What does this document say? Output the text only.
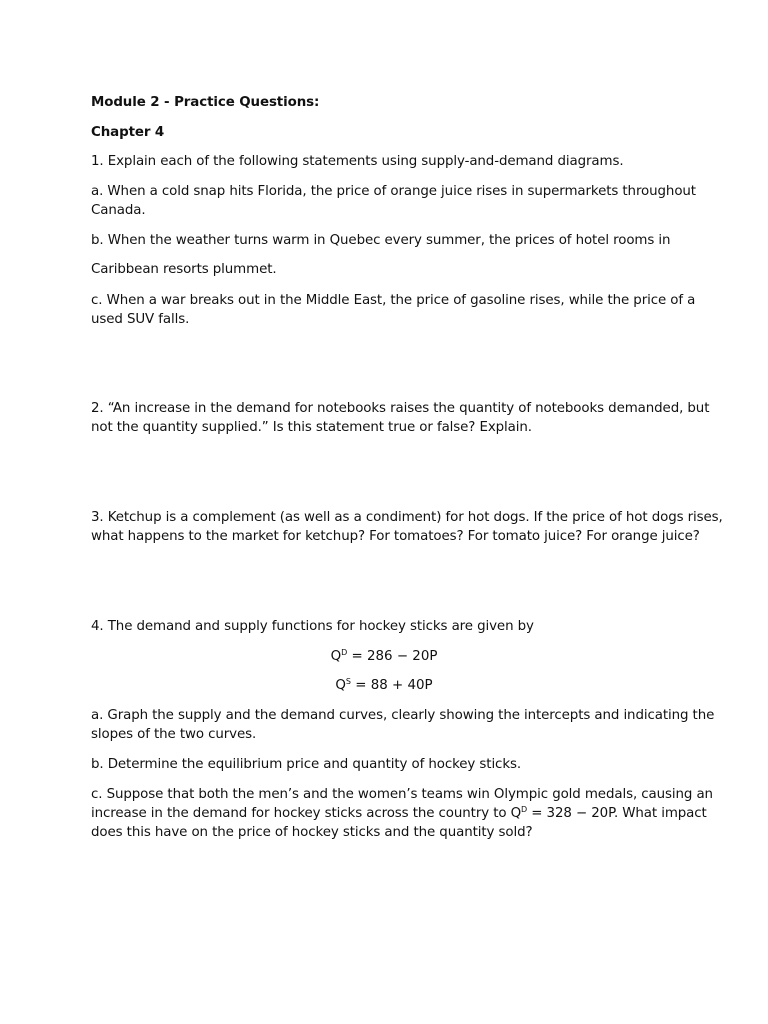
Module 2 - Practice Questions:
Chapter 4
1. Explain each of the following statements using supply-and-demand diagrams.
a. When a cold snap hits Florida, the price of orange juice rises in supermarkets throughout
Canada.
b. When the weather turns warm in Quebec every summer, the prices of hotel rooms in
Caribbean resorts plummet.
c. When a war breaks out in the Middle East, the price of gasoline rises, while the price of a
used SUV falls.
2. “An increase in the demand for notebooks raises the quantity of notebooks demanded, but
not the quantity supplied.” Is this statement true or false? Explain.
3. Ketchup is a complement (as well as a condiment) for hot dogs. If the price of hot dogs rises,
what happens to the market for ketchup? For tomatoes? For tomato juice? For orange juice?
4. The demand and supply functions for hockey sticks are given by
$Q^D = 286 - 20P$
$Q^S = 88 + 40P$
a. Graph the supply and the demand curves, clearly showing the intercepts and indicating the
slopes of the two curves.
b. Determine the equilibrium price and quantity of hockey sticks.
c. Suppose that both the men’s and the women’s teams win Olympic gold medals, causing an
increase in the demand for hockey sticks across the country to $Q^D = 328 - 20P$. What impact
does this have on the price of hockey sticks and the quantity sold?
